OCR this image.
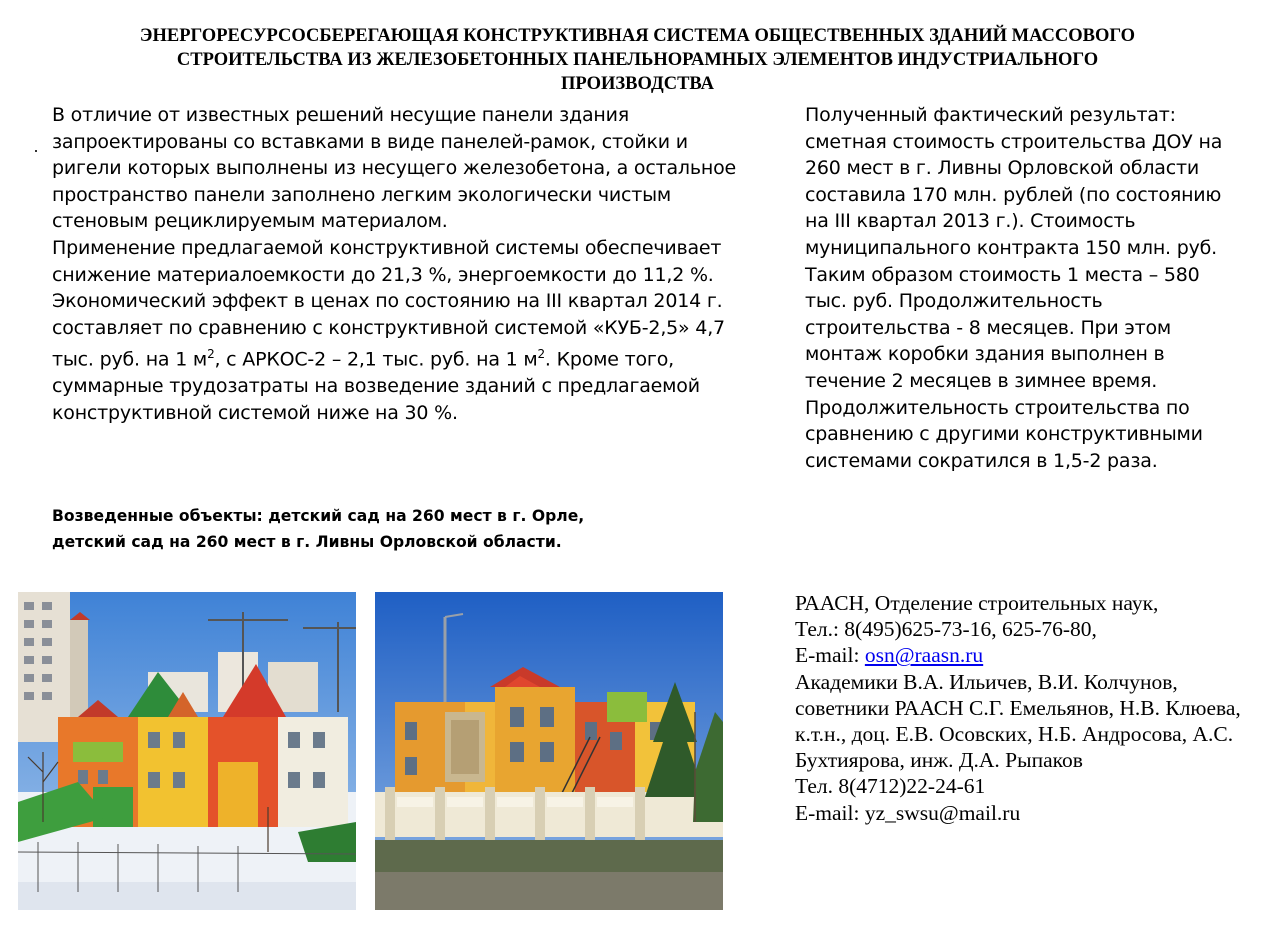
ЭНЕРГОРЕСУРСОСБЕРЕГАЮЩАЯ КОНСТРУКТИВНАЯ СИСТЕМА ОБЩЕСТВЕННЫХ ЗДАНИЙ МАССОВОГО
СТРОИТЕЛЬСТВА ИЗ ЖЕЛЕЗОБЕТОННЫХ ПАНЕЛЬНОРАМНЫХ ЭЛЕМЕНТОВ ИНДУСТРИАЛЬНОГО
ПРОИЗВОДСТВА

В отличие от известных решений несущие панели здания запроектированы со вставками в виде панелей-рамок, стойки и ригели которых выполнены из несущего железобетона, а остальное пространство панели заполнено легким экологически чистым стеновым рециклируемым материалом.

Применение предлагаемой конструктивной системы обеспечивает снижение материалоемкости до 21,3 %, энергоемкости до 11,2 %. Экономический эффект в ценах по состоянию на III квартал 2014 г. составляет по сравнению с конструктивной системой «КУБ-2,5» 4,7 тыс. руб. на 1 $м^2$, с АРКОС-2 – 2,1 тыс. руб. на 1 $м^2$. Кроме того, суммарные трудозатраты на возведение зданий с предлагаемой конструктивной системой ниже на 30 %.

Возведенные объекты: детский сад на 260 мест в г. Орле,

детский сад на 260 мест в г. Ливны Орловской области.

Полученный фактический результат: сметная стоимость строительства ДОУ на 260 мест в г. Ливны Орловской области составила 170 млн. рублей (по состоянию на III квартал 2013 г.). Стоимость муниципального контракта 150 млн. руб. Таким образом стоимость 1 места – 580 тыс. руб. Продолжительность строительства - 8 месяцев. При этом монтаж коробки здания выполнен в течение 2 месяцев в зимнее время. Продолжительность строительства по сравнению с другими конструктивными системами сократился в 1,5-2 раза.

РААСН, Отделение строительных наук,

Тел.: 8(495)625-73-16, 625-76-80,

E-mail: osn@raasn.ru

Академики В.А. Ильичев, В.И. Колчунов, советники РААСН С.Г. Емельянов, Н.В. Клюева, к.т.н., доц. Е.В. Осовских, Н.Б. Андросова, А.С. Бухтиярова, инж. Д.А. Рыпаков

Тел. 8(4712)22-24-61

E-mail: yz_swsu@mail.ru
